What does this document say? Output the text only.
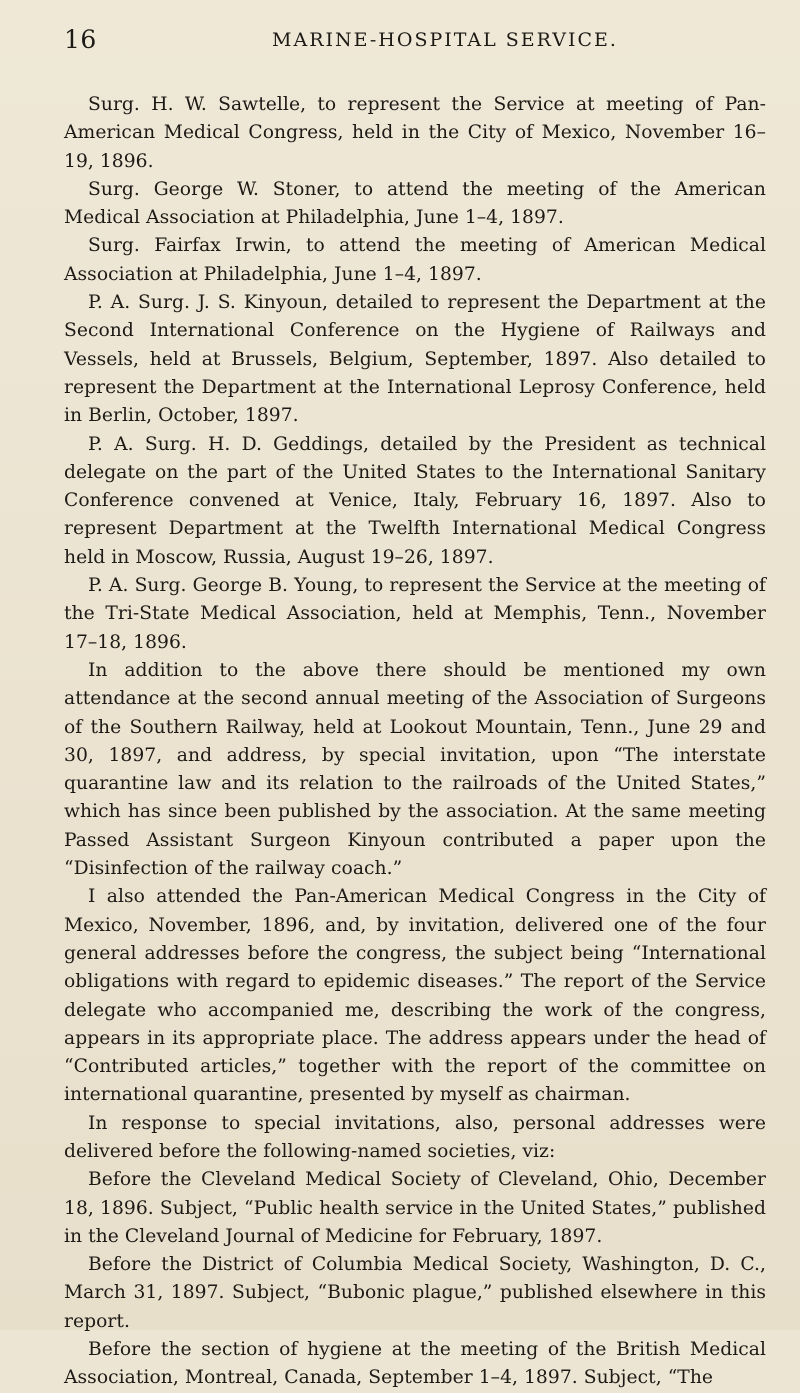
16	MARINE-HOSPITAL SERVICE.

Surg. H. W. Sawtelle, to represent the Service at meeting of Pan-American Medical Congress, held in the City of Mexico, November 16–19, 1896.

Surg. George W. Stoner, to attend the meeting of the American Medical Association at Philadelphia, June 1–4, 1897.

Surg. Fairfax Irwin, to attend the meeting of American Medical Association at Philadelphia, June 1–4, 1897.

P. A. Surg. J. S. Kinyoun, detailed to represent the Department at the Second International Conference on the Hygiene of Railways and Vessels, held at Brussels, Belgium, September, 1897. Also detailed to represent the Department at the International Leprosy Conference, held in Berlin, October, 1897.

P. A. Surg. H. D. Geddings, detailed by the President as technical delegate on the part of the United States to the International Sanitary Conference convened at Venice, Italy, February 16, 1897. Also to represent Department at the Twelfth International Medical Congress held in Moscow, Russia, August 19–26, 1897.

P. A. Surg. George B. Young, to represent the Service at the meeting of the Tri-State Medical Association, held at Memphis, Tenn., November 17–18, 1896.

In addition to the above there should be mentioned my own attendance at the second annual meeting of the Association of Surgeons of the Southern Railway, held at Lookout Mountain, Tenn., June 29 and 30, 1897, and address, by special invitation, upon “The interstate quarantine law and its relation to the railroads of the United States,” which has since been published by the association. At the same meeting Passed Assistant Surgeon Kinyoun contributed a paper upon the “Disinfection of the railway coach.”

I also attended the Pan-American Medical Congress in the City of Mexico, November, 1896, and, by invitation, delivered one of the four general addresses before the congress, the subject being “International obligations with regard to epidemic diseases.” The report of the Service delegate who accompanied me, describing the work of the congress, appears in its appropriate place. The address appears under the head of “Contributed articles,” together with the report of the committee on international quarantine, presented by myself as chairman.

In response to special invitations, also, personal addresses were delivered before the following-named societies, viz:

Before the Cleveland Medical Society of Cleveland, Ohio, December 18, 1896. Subject, “Public health service in the United States,” published in the Cleveland Journal of Medicine for February, 1897.

Before the District of Columbia Medical Society, Washington, D. C., March 31, 1897. Subject, “Bubonic plague,” published elsewhere in this report.

Before the section of hygiene at the meeting of the British Medical Association, Montreal, Canada, September 1–4, 1897. Subject, “The
